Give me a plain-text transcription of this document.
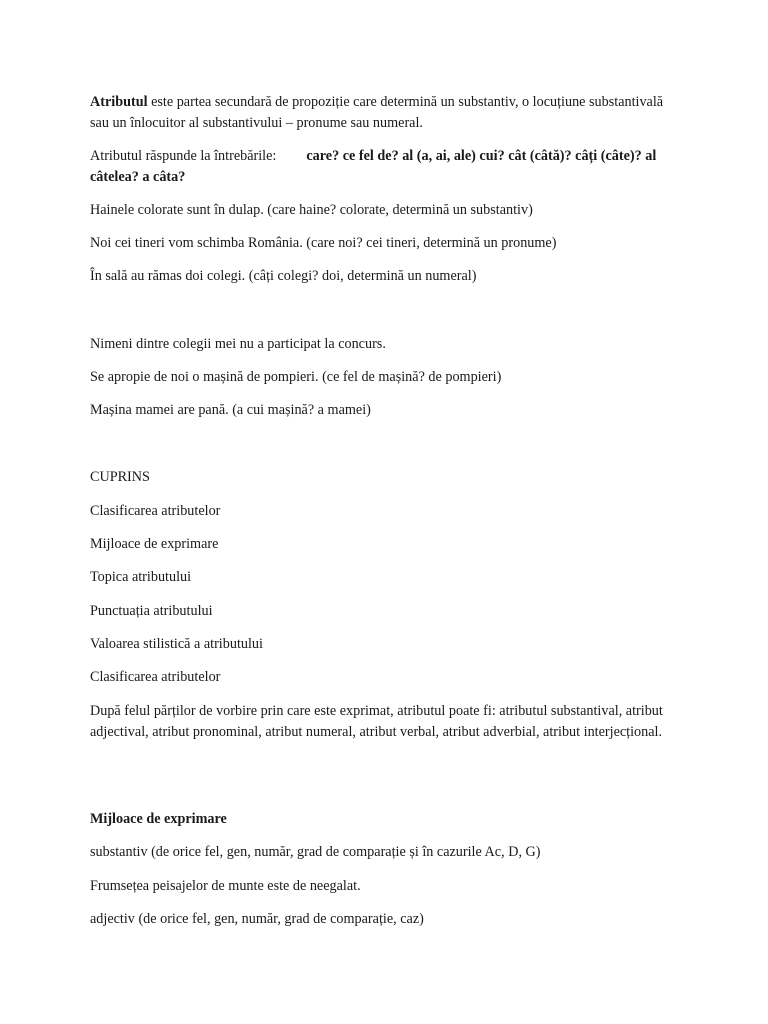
Atributul este partea secundară de propoziție care determină un substantiv, o locuțiune substantivală sau un înlocuitor al substantivului – pronume sau numeral.

Atributul răspunde la întrebările: care? ce fel de? al (a, ai, ale) cui? cât (câtă)? câți (câte)? al câtelea? a câta?

Hainele colorate sunt în dulap. (care haine? colorate, determină un substantiv)

Noi cei tineri vom schimba România. (care noi? cei tineri, determină un pronume)

În sală au rămas doi colegi. (câți colegi? doi, determină un numeral)

Nimeni dintre colegii mei nu a participat la concurs.

Se apropie de noi o mașină de pompieri. (ce fel de mașină? de pompieri)

Mașina mamei are pană. (a cui mașină? a mamei)

CUPRINS

Clasificarea atributelor

Mijloace de exprimare

Topica atributului

Punctuația atributului

Valoarea stilistică a atributului

Clasificarea atributelor

După felul părților de vorbire prin care este exprimat, atributul poate fi: atributul substantival, atribut adjectival, atribut pronominal, atribut numeral, atribut verbal, atribut adverbial, atribut interjecțional.

Mijloace de exprimare

substantiv (de orice fel, gen, număr, grad de comparație și în cazurile Ac, D, G)

Frumsețea peisajelor de munte este de neegalat.

adjectiv (de orice fel, gen, număr, grad de comparație, caz)
